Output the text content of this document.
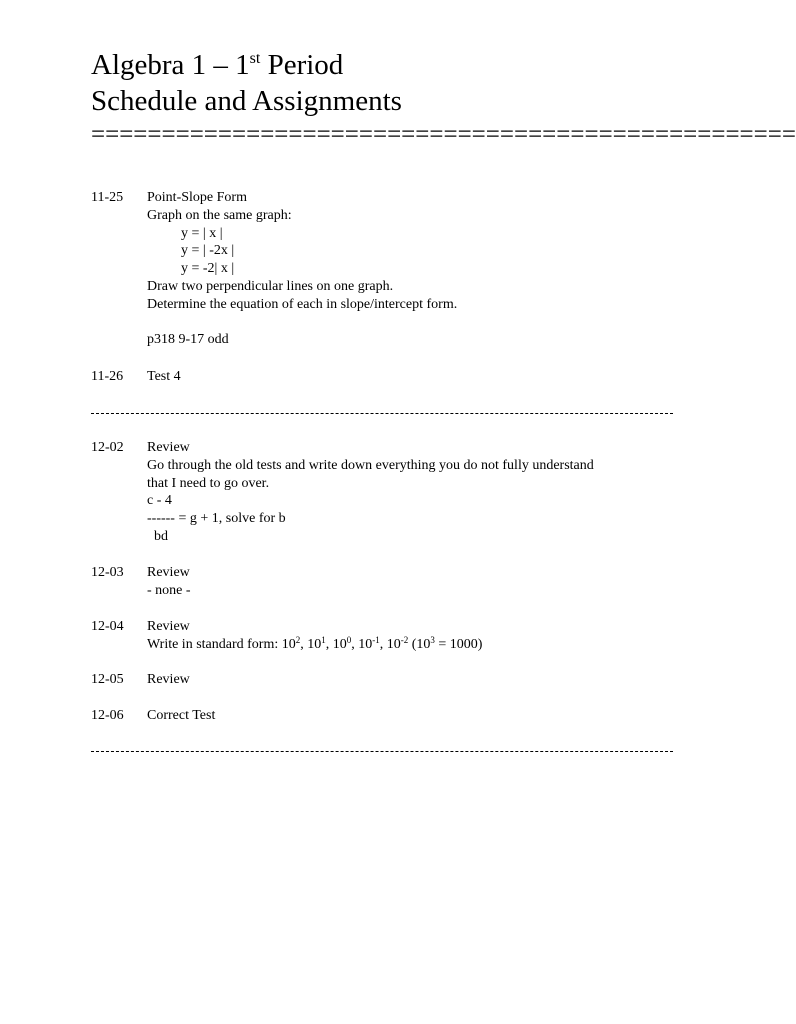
Algebra 1 – 1st Period
Schedule and Assignments
==================================================
11-25 Point-Slope Form
Graph on the same graph:
y = | x |
y = | -2x |
y = -2| x |
Draw two perpendicular lines on one graph.
Determine the equation of each in slope/intercept form.
p318 9-17 odd
11-26 Test 4
12-02 Review
Go through the old tests and write down everything you do not fully understand
that I need to go over.
c - 4
------ = g + 1, solve for b
bd
12-03 Review
- none -
12-04 Review
Write in standard form: $10^2$, $10^1$, $10^0$, $10^{-1}$, $10^{-2}$ $(10^3 = 1000)$
12-05 Review
12-06 Correct Test
